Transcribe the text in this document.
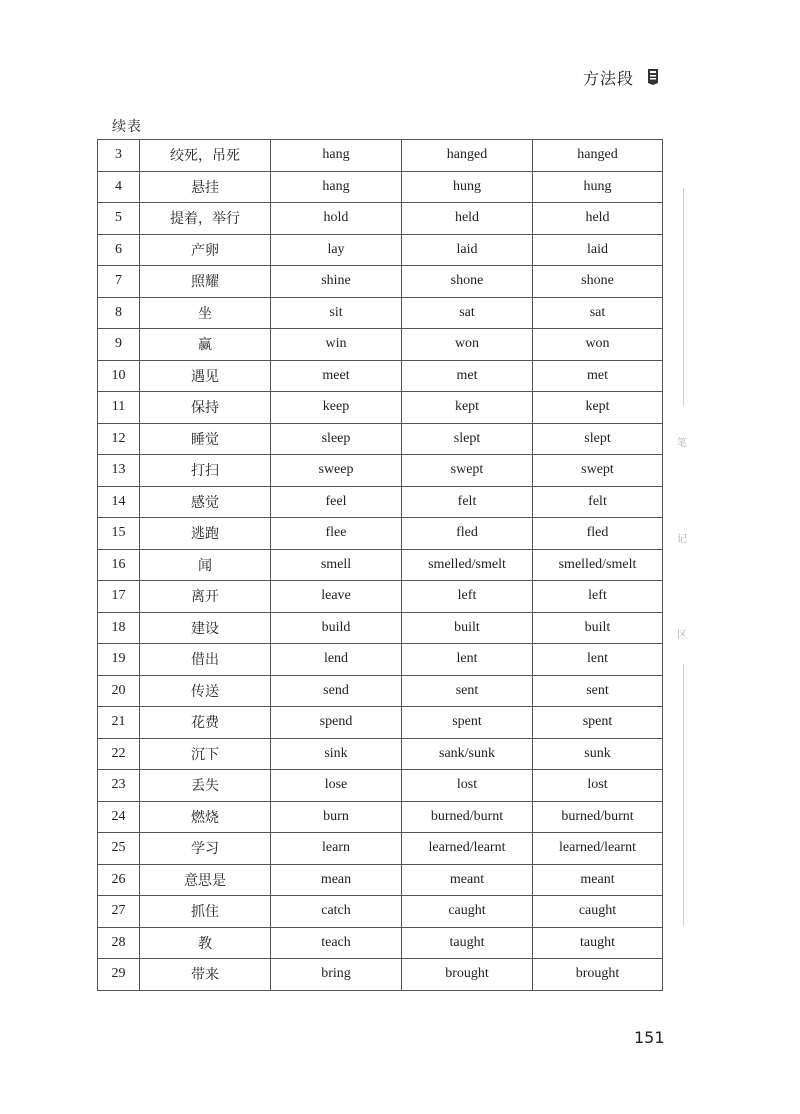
方法段
续表
3	绞死，吊死	hang	hanged	hanged
4	悬挂	hang	hung	hung
5	提着，举行	hold	held	held
6	产卵	lay	laid	laid
7	照耀	shine	shone	shone
8	坐	sit	sat	sat
9	赢	win	won	won
10	遇见	meet	met	met
11	保持	keep	kept	kept
12	睡觉	sleep	slept	slept
13	打扫	sweep	swept	swept
14	感觉	feel	felt	felt
15	逃跑	flee	fled	fled
16	闻	smell	smelled/smelt	smelled/smelt
17	离开	leave	left	left
18	建设	build	built	built
19	借出	lend	lent	lent
20	传送	send	sent	sent
21	花费	spend	spent	spent
22	沉下	sink	sank/sunk	sunk
23	丢失	lose	lost	lost
24	燃烧	burn	burned/burnt	burned/burnt
25	学习	learn	learned/learnt	learned/learnt
26	意思是	mean	meant	meant
27	抓住	catch	caught	caught
28	教	teach	taught	taught
29	带来	bring	brought	brought
笔
记
区
151
